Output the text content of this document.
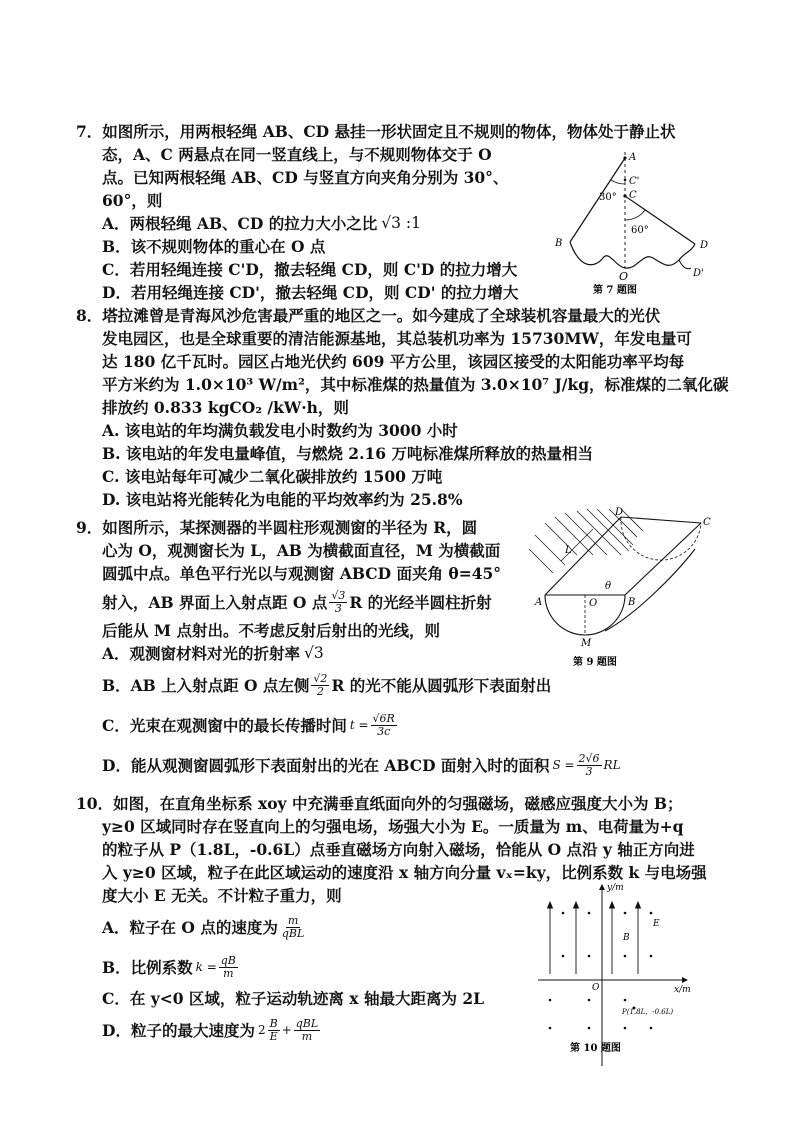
7．如图所示，用两根轻绳 AB、CD 悬挂一形状固定且不规则的物体，物体处于静止状
态，A、C 两悬点在同一竖直线上，与不规则物体交于 O
点。已知两根轻绳 AB、CD 与竖直方向夹角分别为 30°、
60°，则
A．两根轻绳 AB、CD 的拉力大小之比 √3 :1
B．该不规则物体的重心在 O 点
C．若用轻绳连接 C'D，撤去轻绳 CD，则 C'D 的拉力增大
D．若用轻绳连接 CD'，撤去轻绳 CD，则 CD' 的拉力增大
A
C'
C
30°
60°
B	D
D'
O
第 7 题图
8．塔拉滩曾是青海风沙危害最严重的地区之一。如今建成了全球装机容量最大的光伏
发电园区，也是全球重要的清洁能源基地，其总装机功率为 15730MW，年发电量可
达 180 亿千瓦时。园区占地光伏约 609 平方公里，该园区接受的太阳能功率平均每
平方米约为 1.0×10³ W/m²，其中标准煤的热量值为 3.0×10⁷ J/kg，标准煤的二氧化碳
排放约 0.833 kgCO₂ /kW·h，则
A. 该电站的年均满负载发电小时数约为 3000 小时
B. 该电站的年发电量峰值，与燃烧 2.16 万吨标准煤所释放的热量相当
C. 该电站每年可减少二氧化碳排放约 1500 万吨
D. 该电站将光能转化为电能的平均效率约为 25.8%
9．如图所示，某探测器的半圆柱形观测窗的半径为 R，圆
心为 O，观测窗长为 L，AB 为横截面直径，M 为横截面
圆弧中点。单色平行光以与观测窗 ABCD 面夹角 θ=45°
射入，AB 界面上入射点距 O 点 $\frac{√3}{3}$ R 的光经半圆柱折射
后能从 M 点射出。不考虑反射后射出的光线，则
A．观测窗材料对光的折射率 √3
B．AB 上入射点距 O 点左侧 $\frac{√2}{2}$ R 的光不能从圆弧形下表面射出
C．光束在观测窗中的最长传播时间 $t = \frac{√6R}{3c}$
D．能从观测窗圆弧形下表面射出的光在 ABCD 面射入时的面积 $S = \frac{2√6}{3}$ RL
D
C
L
θ
A	O	B
M
第 9 题图
10．如图，在直角坐标系 xoy 中充满垂直纸面向外的匀强磁场，磁感应强度大小为 B；
y≥0 区域同时存在竖直向上的匀强电场，场强大小为 E。一质量为 m、电荷量为+q
的粒子从 P（1.8L，-0.6L）点垂直磁场方向射入磁场，恰能从 O 点沿 y 轴正方向进
入 y≥0 区域，粒子在此区域运动的速度沿 x 轴方向分量 vₓ=ky，比例系数 k 与电场强
度大小 E 无关。不计粒子重力，则
A．粒子在 O 点的速度为 $\frac{m}{\text{qBL}}$
B．比例系数 $k = \frac{qB}{m}$
C．在 y<0 区域，粒子运动轨迹离 x 轴最大距离为 2L
D．粒子的最大速度为 $2 \frac{B}{E} + \frac{\text{qBL}}{m}$
y/m
x/m
O
B
E
P(1.8L，-0.6L)
第 10 题图
